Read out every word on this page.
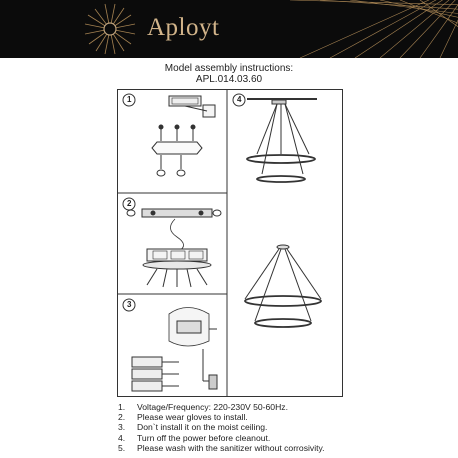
Aployt
Model assembly instructions:
APL.014.03.60
1	4
2
3
1.	Voltage/Frequency: 220-230V 50-60Hz.
2.	Please wear gloves to install.
3.	Don`t install it on the moist ceiling.
4.	Turn off the power before cleanout.
5.	Please wash with the sanitizer without corrosivity.
